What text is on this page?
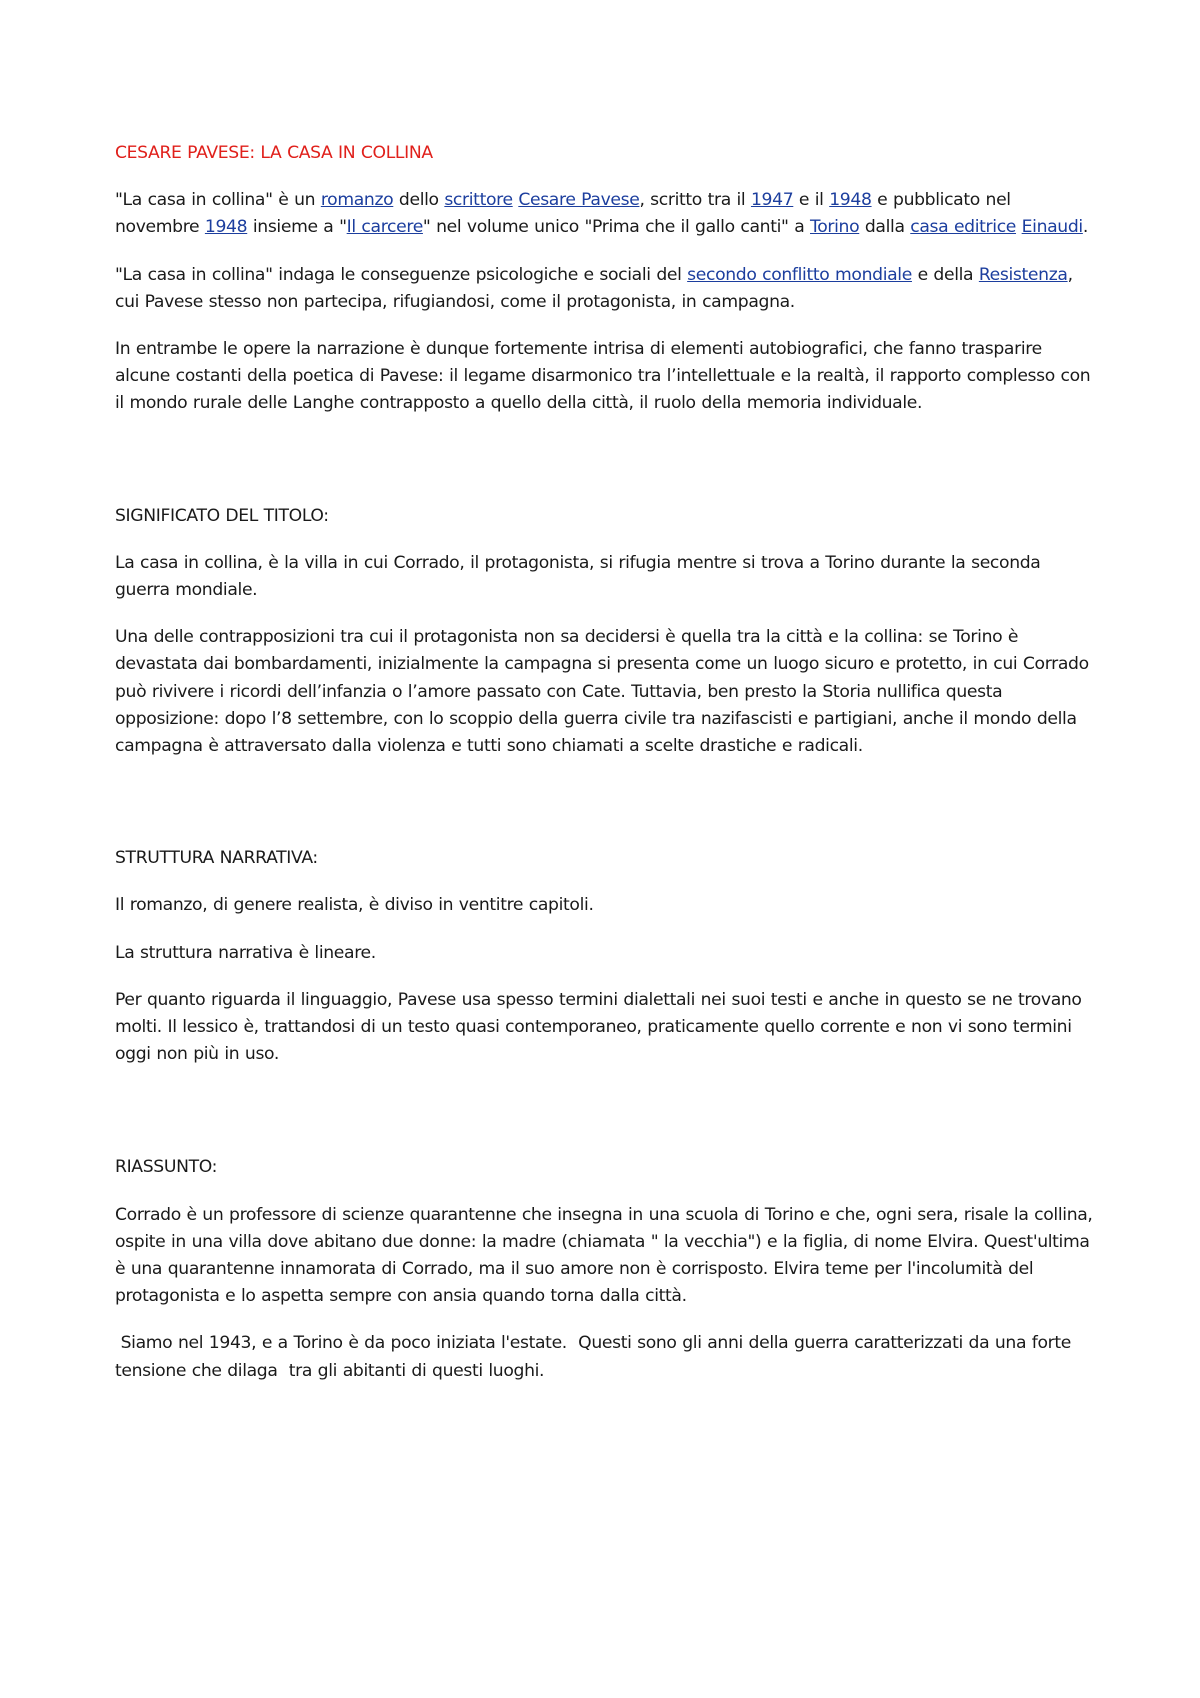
CESARE PAVESE: LA CASA IN COLLINA

"La casa in collina" è un romanzo dello scrittore Cesare Pavese, scritto tra il 1947 e il 1948 e pubblicato nel novembre 1948 insieme a "Il carcere" nel volume unico "Prima che il gallo canti" a Torino dalla casa editrice Einaudi.

"La casa in collina" indaga le conseguenze psicologiche e sociali del secondo conflitto mondiale e della Resistenza, cui Pavese stesso non partecipa, rifugiandosi, come il protagonista, in campagna.

In entrambe le opere la narrazione è dunque fortemente intrisa di elementi autobiografici, che fanno trasparire alcune costanti della poetica di Pavese: il legame disarmonico tra l’intellettuale e la realtà, il rapporto complesso con il mondo rurale delle Langhe contrapposto a quello della città, il ruolo della memoria individuale.

SIGNIFICATO DEL TITOLO:

La casa in collina, è la villa in cui Corrado, il protagonista, si rifugia mentre si trova a Torino durante la seconda guerra mondiale.

Una delle contrapposizioni tra cui il protagonista non sa decidersi è quella tra la città e la collina: se Torino è devastata dai bombardamenti, inizialmente la campagna si presenta come un luogo sicuro e protetto, in cui Corrado può rivivere i ricordi dell’infanzia o l’amore passato con Cate. Tuttavia, ben presto la Storia nullifica questa opposizione: dopo l’8 settembre, con lo scoppio della guerra civile tra nazifascisti e partigiani, anche il mondo della campagna è attraversato dalla violenza e tutti sono chiamati a scelte drastiche e radicali.

STRUTTURA NARRATIVA:

Il romanzo, di genere realista, è diviso in ventitre capitoli.

La struttura narrativa è lineare.

Per quanto riguarda il linguaggio, Pavese usa spesso termini dialettali nei suoi testi e anche in questo se ne trovano molti. Il lessico è, trattandosi di un testo quasi contemporaneo, praticamente quello corrente e non vi sono termini oggi non più in uso.

RIASSUNTO:

Corrado è un professore di scienze quarantenne che insegna in una scuola di Torino e che, ogni sera, risale la collina, ospite in una villa dove abitano due donne: la madre (chiamata " la vecchia") e la figlia, di nome Elvira. Quest'ultima è una quarantenne innamorata di Corrado, ma il suo amore non è corrisposto. Elvira teme per l'incolumità del protagonista e lo aspetta sempre con ansia quando torna dalla città.

Siamo nel 1943, e a Torino è da poco iniziata l'estate.  Questi sono gli anni della guerra caratterizzati da una forte tensione che dilaga  tra gli abitanti di questi luoghi.
